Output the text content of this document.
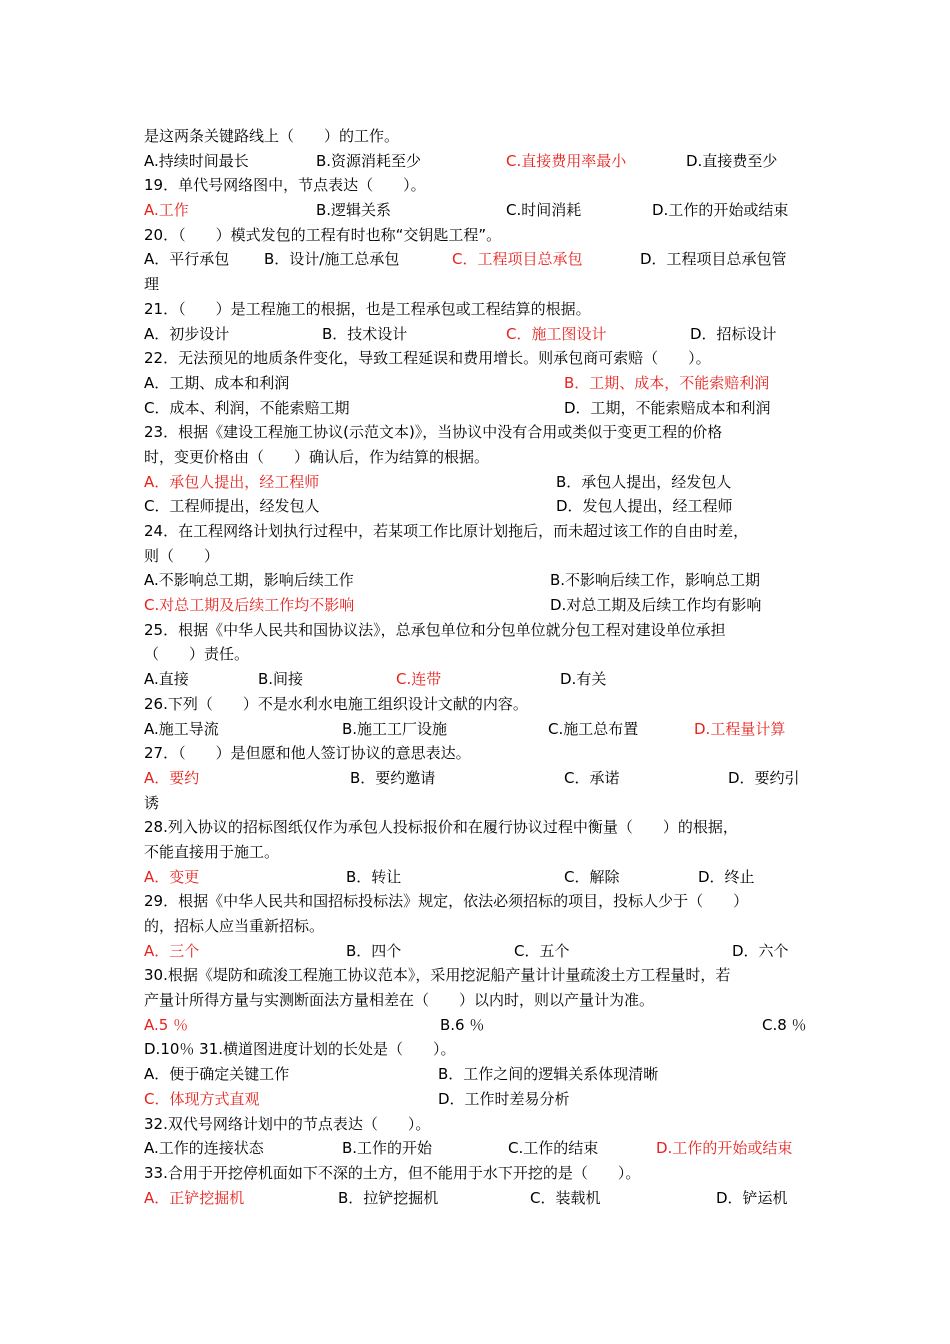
是这两条关键路线上（　　）的工作。
A.持续时间最长	B.资源消耗至少	C.直接费用率最小	D.直接费至少
19．单代号网络图中，节点表达（　　）。
A.工作	B.逻辑关系	C.时间消耗	D.工作的开始或结束
20．（　　）模式发包的工程有时也称“交钥匙工程”。
A．平行承包 B．设计/施工总承包	C．工程项目总承包	D．工程项目总承包管
理
21．（　　）是工程施工的根据，也是工程承包或工程结算的根据。
A．初步设计	B．技术设计	C．施工图设计	D．招标设计
22．无法预见的地质条件变化，导致工程延误和费用增长。则承包商可索赔（　　）。
A．工期、成本和利润	B．工期、成本，不能索赔利润
C．成本、利润，不能索赔工期	D．工期，不能索赔成本和利润
23．根据《建设工程施工协议(示范文本)》，当协议中没有合用或类似于变更工程的价格
时，变更价格由（　　）确认后，作为结算的根据。
A．承包人提出，经工程师	B．承包人提出，经发包人
C．工程师提出，经发包人	D．发包人提出，经工程师
24．在工程网络计划执行过程中，若某项工作比原计划拖后，而未超过该工作的自由时差，
则（　　）
A.不影响总工期，影响后续工作	B.不影响后续工作，影响总工期
C.对总工期及后续工作均不影响	D.对总工期及后续工作均有影响
25．根据《中华人民共和国协议法》，总承包单位和分包单位就分包工程对建设单位承担
（　　）责任。
A.直接	B.间接	C.连带	D.有关
26.下列（　　）不是水利水电施工组织设计文献的内容。
A.施工导流	B.施工工厂设施	C.施工总布置	D.工程量计算
27．（　　）是但愿和他人签订协议的意思表达。
A．要约	B．要约邀请	C．承诺	D．要约引
诱
28.列入协议的招标图纸仅作为承包人投标报价和在履行协议过程中衡量（　　）的根据，
不能直接用于施工。
A．变更	B．转让	C．解除	D．终止
29．根据《中华人民共和国招标投标法》规定，依法必须招标的项目，投标人少于（　　）
的，招标人应当重新招标。
A．三个	B．四个	C．五个	D．六个
30.根据《堤防和疏浚工程施工协议范本》，采用挖泥船产量计计量疏浚土方工程量时，若
产量计所得方量与实测断面法方量相差在（　　）以内时，则以产量计为准。
A.5 ％	B.6 ％	C.8 ％
D.10％ 31.横道图进度计划的长处是（　　）。
A．便于确定关键工作	B．工作之间的逻辑关系体现清晰
C．体现方式直观	D．工作时差易分析
32.双代号网络计划中的节点表达（　　）。
A.工作的连接状态	B.工作的开始	C.工作的结束	D.工作的开始或结束
33.合用于开挖停机面如下不深的土方，但不能用于水下开挖的是（　　）。
A．正铲挖掘机	B．拉铲挖掘机	C．装载机	D．铲运机
